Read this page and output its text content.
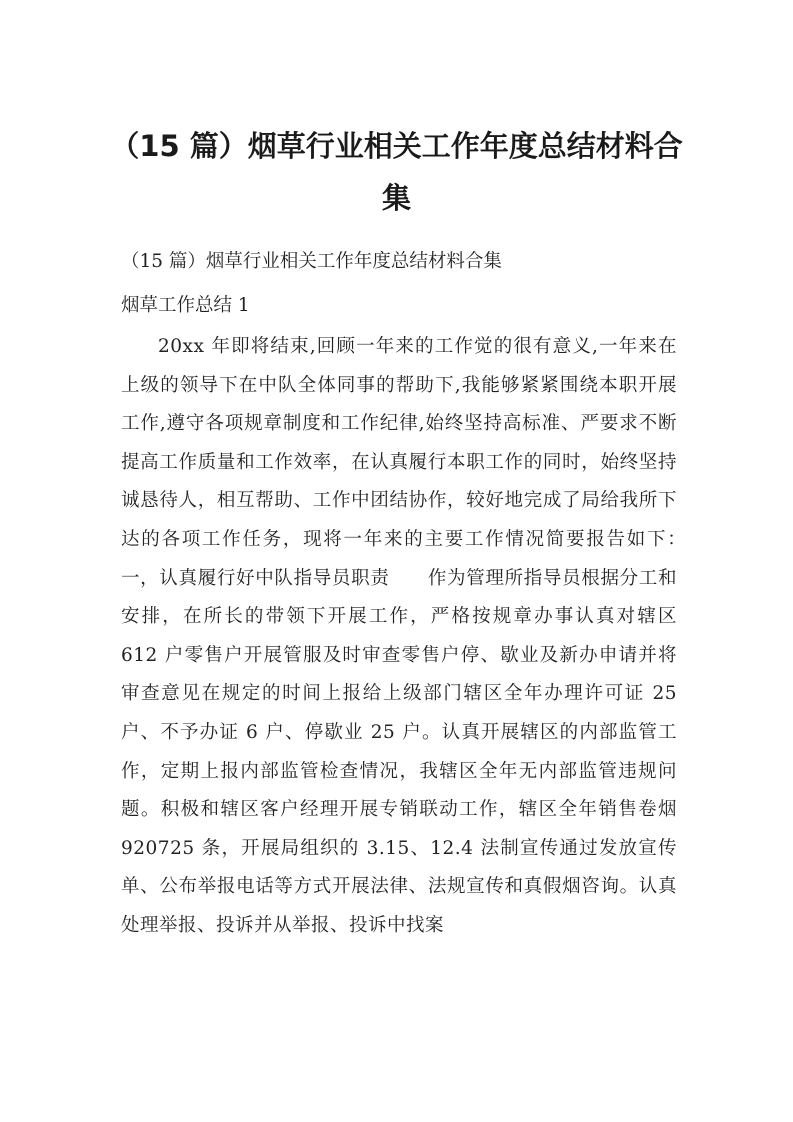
（15 篇）烟草行业相关工作年度总结材料合集

（15 篇）烟草行业相关工作年度总结材料合集

烟草工作总结 1

20xx 年即将结束,回顾一年来的工作觉的很有意义,一年来在上级的领导下在中队全体同事的帮助下,我能够紧紧围绕本职开展工作,遵守各项规章制度和工作纪律,始终坚持高标准、严要求不断提高工作质量和工作效率，在认真履行本职工作的同时，始终坚持诚恳待人，相互帮助、工作中团结协作，较好地完成了局给我所下达的各项工作任务，现将一年来的主要工作情况简要报告如下：　　一，认真履行好中队指导员职责　　作为管理所指导员根据分工和安排，在所长的带领下开展工作，严格按规章办事认真对辖区 612 户零售户开展管服及时审查零售户停、歇业及新办申请并将审查意见在规定的时间上报给上级部门辖区全年办理许可证 25户、不予办证 6 户、停歇业 25 户。认真开展辖区的内部监管工作，定期上报内部监管检查情况，我辖区全年无内部监管违规问题。积极和辖区客户经理开展专销联动工作，辖区全年销售卷烟 920725 条，开展局组织的 3.15、12.4 法制宣传通过发放宣传单、公布举报电话等方式开展法律、法规宣传和真假烟咨询。认真处理举报、投诉并从举报、投诉中找案
